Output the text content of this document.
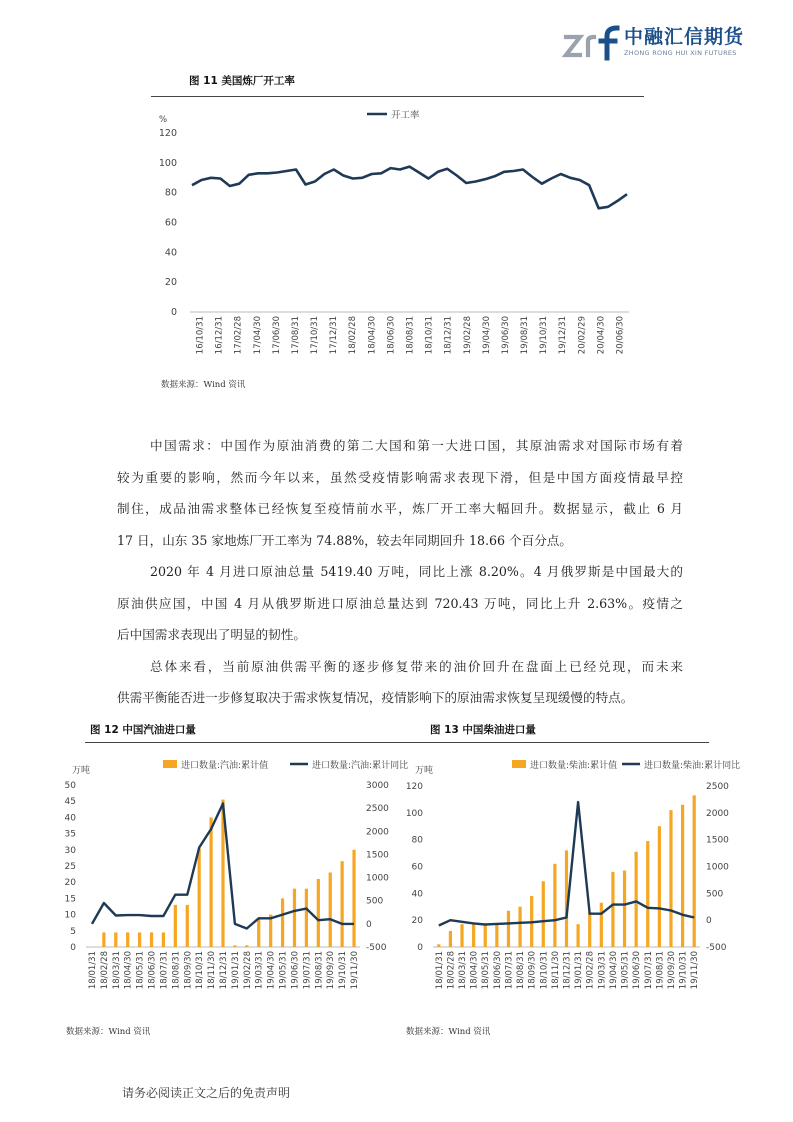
中融汇信期货
ZHONG RONG HUI XIN FUTURES
图 11 美国炼厂开工率
%
120
100
80
60
40
20
0
16/10/31 16/12/31 17/02/28 17/04/30 17/06/30 17/08/31 17/10/31 17/12/31 18/02/28 18/04/30 18/06/30 18/08/31 18/10/31 18/12/31 19/02/28 19/04/30 19/06/30 19/08/31 19/10/31 19/12/31 20/02/29 20/04/30 20/06/30
开工率
数据来源：Wind 资讯

中国需求：中国作为原油消费的第二大国和第一大进口国，其原油需求对国际市场有着

较为重要的影响，然而今年以来，虽然受疫情影响需求表现下滑，但是中国方面疫情最早控

制住，成品油需求整体已经恢复至疫情前水平，炼厂开工率大幅回升。数据显示，截止 6 月

17 日，山东 35 家地炼厂开工率为 74.88%，较去年同期回升 18.66 个百分点。

2020 年 4 月进口原油总量 5419.40 万吨，同比上涨 8.20%。4 月俄罗斯是中国最大的

原油供应国，中国 4 月从俄罗斯进口原油总量达到 720.43 万吨，同比上升 2.63%。疫情之

后中国需求表现出了明显的韧性。

总体来看，当前原油供需平衡的逐步修复带来的油价回升在盘面上已经兑现，而未来

供需平衡能否进一步修复取决于需求恢复情况，疫情影响下的原油需求恢复呈现缓慢的特点。

图 12 中国汽油进口量
进口数量:汽油:累计值	进口数量:汽油:累计同比
万吨
50
45
40
35
30
25
20
15
10
5
0
3000
2500
2000
1500
1000
500
0
-500
18/01/31 18/02/28 18/03/31 18/04/30 18/05/31 18/06/30 18/07/31 18/08/31 18/09/30 18/10/31 18/11/30 18/12/31 19/01/31 19/02/28 19/03/31 19/04/30 19/05/31 19/06/30 19/07/31 19/08/31 19/09/30 19/10/31 19/11/30
数据来源：Wind 资讯
图 13 中国柴油进口量
进口数量:柴油:累计值	进口数量:柴油:累计同比
万吨
120
100
80
60
40
20
0
2500
2000
1500
1000
500
0
-500
18/01/31 18/02/28 18/03/31 18/04/30 18/05/31 18/06/30 18/07/31 18/08/31 18/09/30 18/10/31 18/11/30 18/12/31 19/01/31 19/02/28 19/03/31 19/04/30 19/05/31 19/06/30 19/07/31 19/08/31 19/09/30 19/10/31 19/11/30
数据来源：Wind 资讯
请务必阅读正文之后的免责声明
